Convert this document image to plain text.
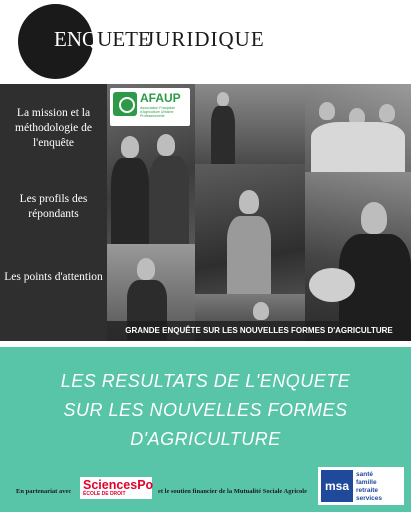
ENQUETE
JURIDIQUE
La mission et la méthodologie de l'enquête
Les profils des répondants
Les points d'attention
AFAUP
Association Française d'Agriculture Urbaine Professionnelle
GRANDE ENQUÊTE SUR LES NOUVELLES FORMES D'AGRICULTURE
LES RESULTATS DE L'ENQUETE
SUR LES NOUVELLES FORMES
D'AGRICULTURE
En partenariat avec SciencesPo
ÉCOLE DE DROIT	et le soutien financier de la Mutualité Sociale Agricole	msa
santé
famille
retraite
services
